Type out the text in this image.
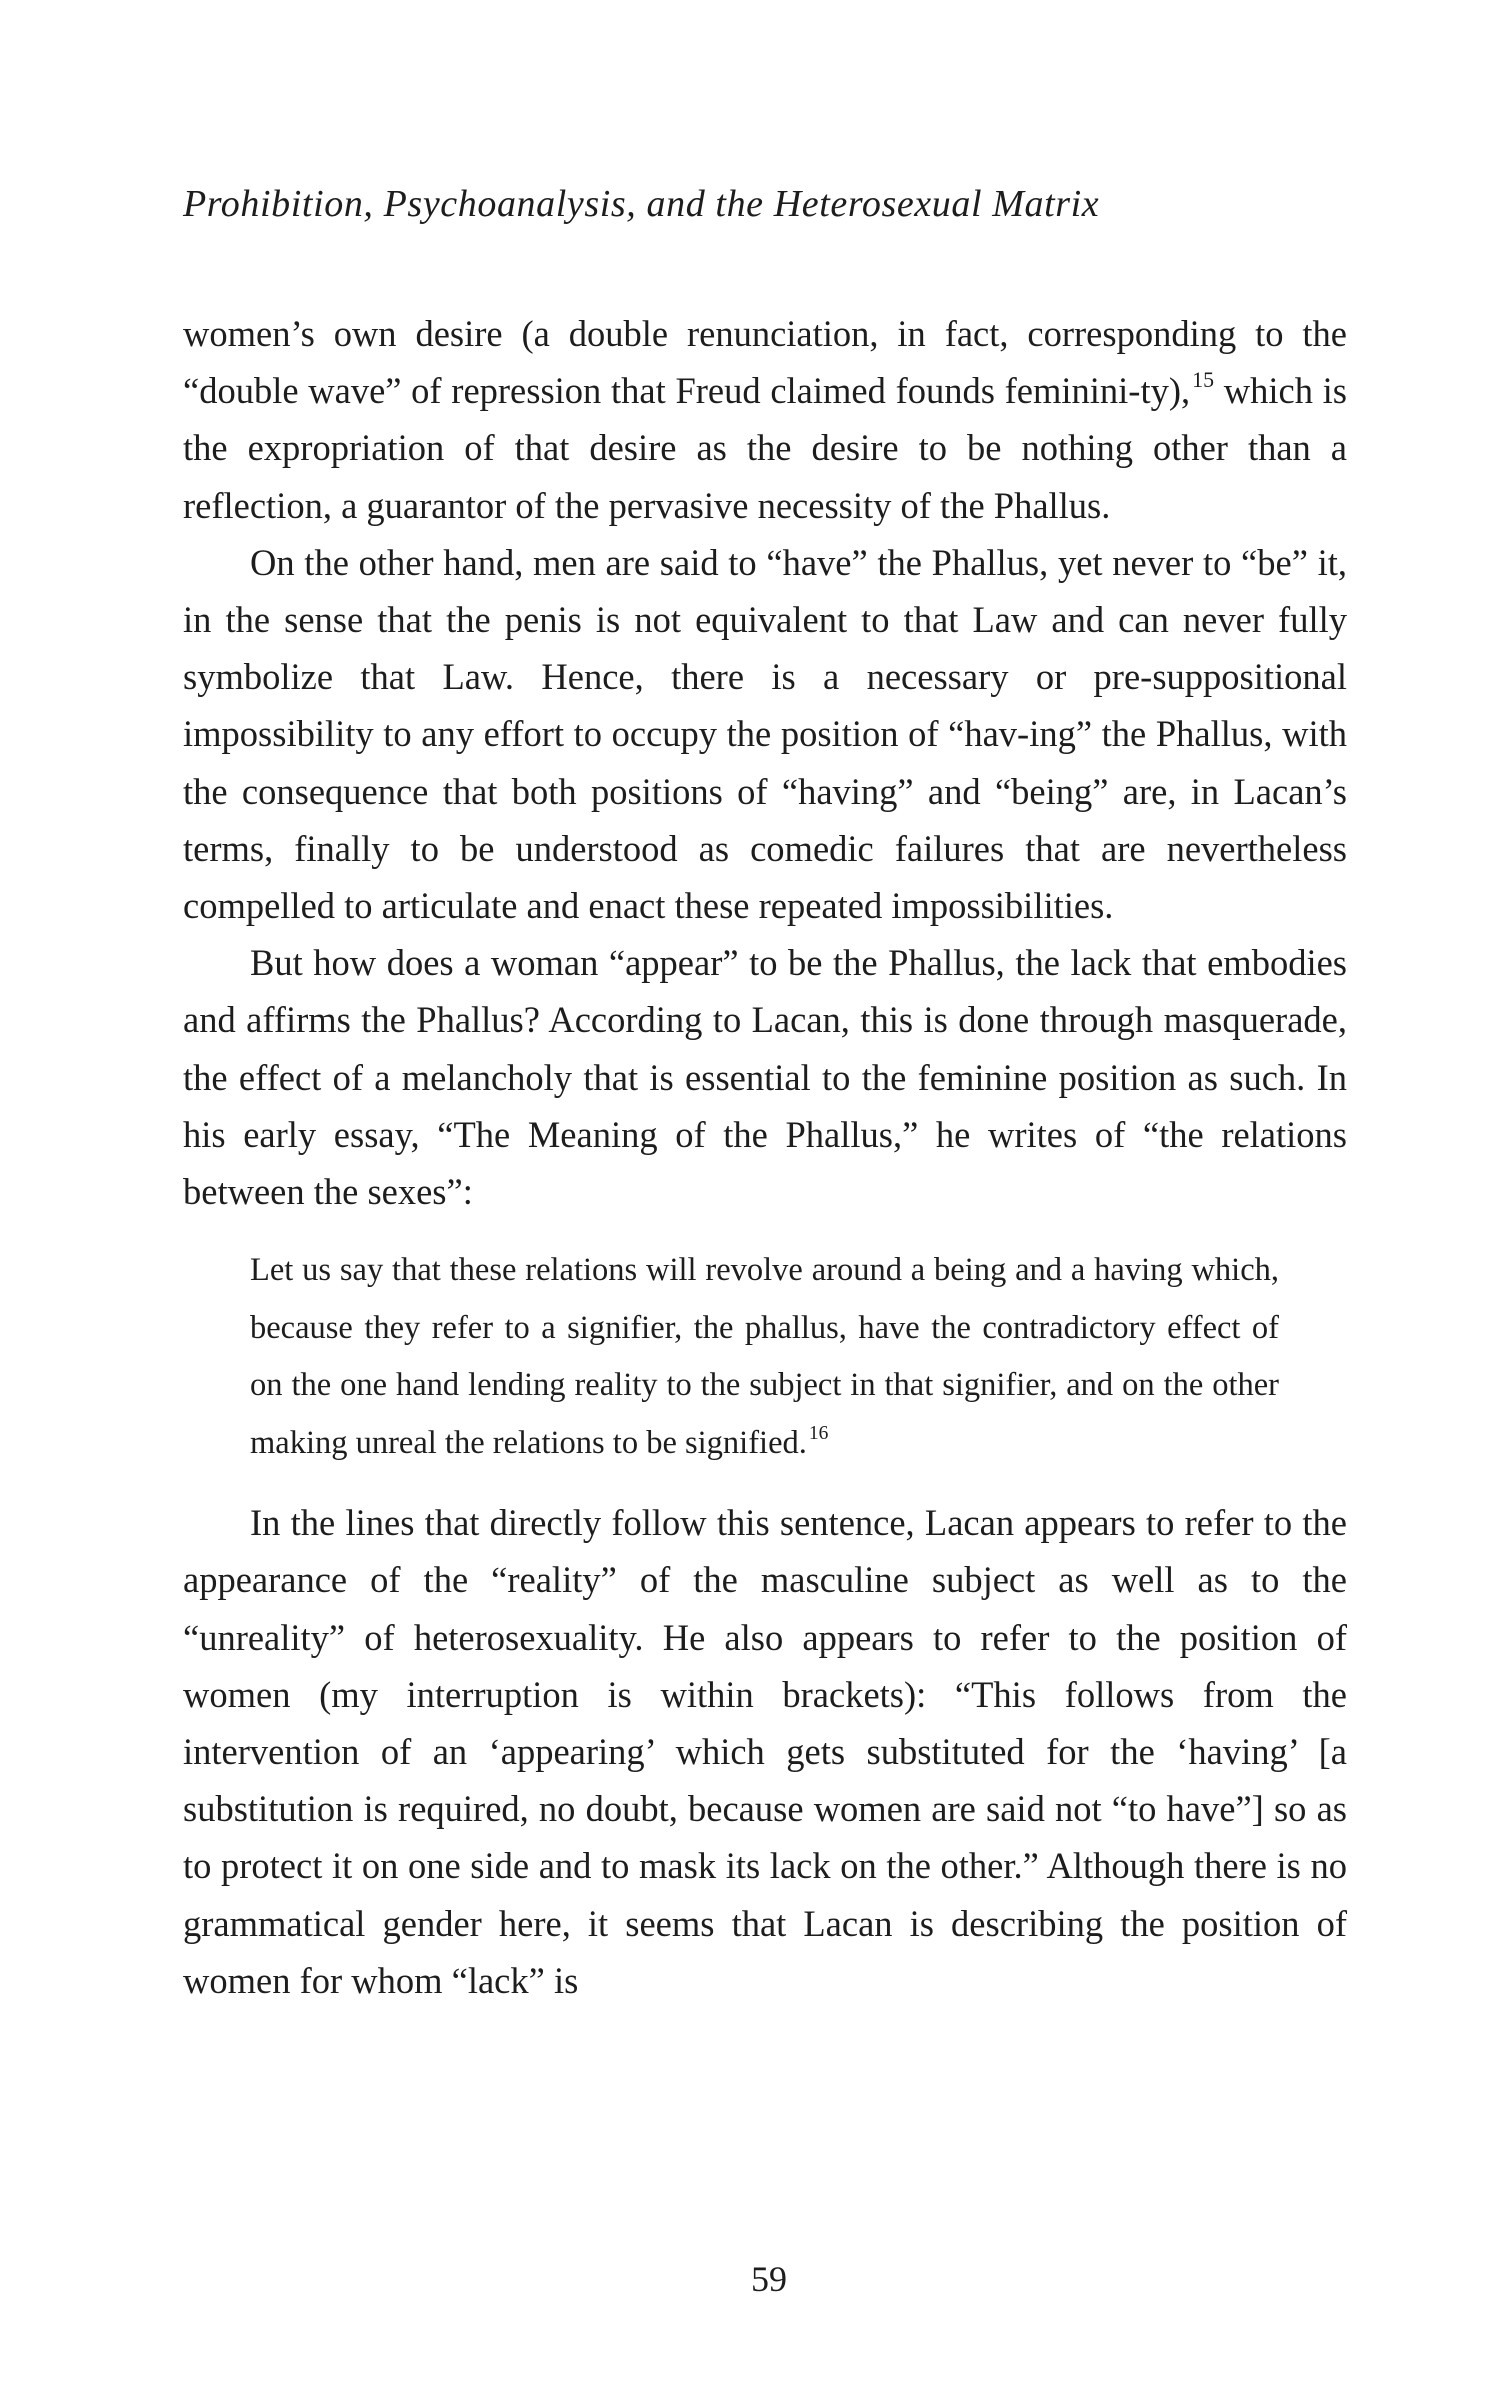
Prohibition, Psychoanalysis, and the Heterosexual Matrix

women’s own desire (a double renunciation, in fact, corresponding to the “double wave” of repression that Freud claimed founds feminini-ty),$^{15}$ which is the expropriation of that desire as the desire to be nothing other than a reflection, a guarantor of the pervasive necessity of the Phallus.

On the other hand, men are said to “have” the Phallus, yet never to “be” it, in the sense that the penis is not equivalent to that Law and can never fully symbolize that Law. Hence, there is a necessary or pre-suppositional impossibility to any effort to occupy the position of “hav-ing” the Phallus, with the consequence that both positions of “having” and “being” are, in Lacan’s terms, finally to be understood as comedic failures that are nevertheless compelled to articulate and enact these repeated impossibilities.

But how does a woman “appear” to be the Phallus, the lack that embodies and affirms the Phallus? According to Lacan, this is done through masquerade, the effect of a melancholy that is essential to the feminine position as such. In his early essay, “The Meaning of the Phallus,” he writes of “the relations between the sexes”:

Let us say that these relations will revolve around a being and a having which, because they refer to a signifier, the phallus, have the contradictory effect of on the one hand lending reality to the subject in that signifier, and on the other making unreal the relations to be signified. $^{16}$

In the lines that directly follow this sentence, Lacan appears to refer to the appearance of the “reality” of the masculine subject as well as to the “unreality” of heterosexuality. He also appears to refer to the position of women (my interruption is within brackets): “This follows from the intervention of an ‘appearing’ which gets substituted for the ‘having’ [a substitution is required, no doubt, because women are said not “to have”] so as to protect it on one side and to mask its lack on the other.” Although there is no grammatical gender here, it seems that Lacan is describing the position of women for whom “lack” is

59
